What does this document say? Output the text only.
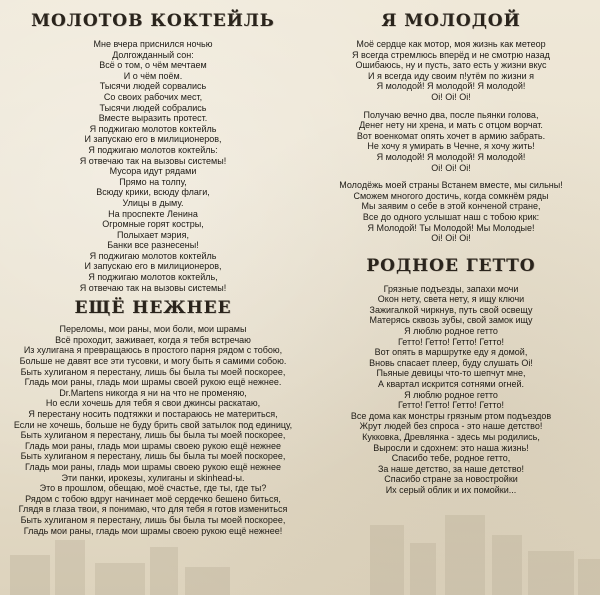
МОЛОТОВ КОКТЕЙЛЬ
Мне вчера приснился ночью
Долгожданный сон:
Всё о том, о чём мечтаем
И о чём поём.
Тысячи людей сорвались
Со своих рабочих мест,
Тысячи людей собрались
Вместе выразить протест.
Я поджигаю молотов коктейль
И запускаю его в милиционеров,
Я поджигаю молотов коктейль:
Я отвечаю так на вызовы системы!
Мусора идут рядами
Прямо на толпу,
Всюду крики, всюду флаги,
Улицы в дыму.
На проспекте Ленина
Огромные горят костры,
Полыхает мэрия,
Банки все разнесены!
Я поджигаю молотов коктейль
И запускаю его в милиционеров,
Я поджигаю молотов коктейль,
Я отвечаю так на вызовы системы!
ЕЩЁ НЕЖНЕЕ
Переломы, мои раны, мои боли, мои шрамы
Всё проходит, заживает, когда я тебя встречаю
Из хулигана я превращаюсь в простого парня рядом с тобою,
Больше не давят все эти тусовки, и могу быть я самими собою.
Быть хулиганом я перестану, лишь бы была ты моей поскорее,
Гладь мои раны, гладь мои шрамы своей рукою ещё нежнее.
Dr.Martens никогда я ни на что не променяю,
Но если хочешь для тебя я свои джинсы раскатаю,
Я перестану носить подтяжки и постараюсь не материться,
Если не хочешь, больше не буду брить свой затылок под единицу,
Быть хулиганом я перестану, лишь бы была ты моей поскорее,
Гладь мои раны, гладь мои шрамы своею рукою ещё нежнее
Быть хулиганом я перестану, лишь бы была ты моей поскорее,
Гладь мои раны, гладь мои шрамы своею рукою ещё нежнее
Эти панки, ирокезы, хулиганы и skinhead-ы.
Это в прошлом, обещаю, моё счастье, где ты, где ты?
Рядом с тобою вдруг начинает моё сердечко бешено биться,
Глядя в глаза твои, я понимаю, что для тебя я готов измениться
Быть хулиганом я перестану, лишь бы была ты моей поскорее,
Гладь мои раны, гладь мои шрамы своею рукою ещё нежнее!
Я МОЛОДОЙ
Моё сердце как мотор, моя жизнь как метеор
Я всегда стремлюсь вперёд и не смотрю назад
Ошибаюсь, ну и пусть, зато есть у жизни вкус
И я всегда иду своим п!утём по жизни я
Я молодой! Я молодой! Я молодой!
Oi! Oi! Oi!
Получаю вечно два, после пьянки голова,
Денег нету ни хрена, и мать с отцом ворчат.
Вот военкомат опять хочет в армию забрать.
Не хочу я умирать в Чечне, я хочу жить!
Я молодой! Я молодой! Я молодой!
Oi! Oi! Oi!
Молодёжь моей страны Встанем вместе, мы сильны!
Сможем многого достичь, когда сомкнём ряды
Мы заявим о себе в этой конченой стране,
Все до одного услышат наш с тобою крик:
Я Молодой! Ты Молодой! Мы Молодые!
Oi! Oi! Oi!
РОДНОЕ ГЕТТО
Грязные подъезды, запахи мочи
Окон нету, света нету, я ищу ключи
Зажигалкой чиркнув, путь свой освещу
Матерясь сквозь зубы, свой замок ищу
Я люблю родное гетто
Гетто! Гетто! Гетто! Гетто!
Вот опять в маршрутке еду я домой,
Вновь спасает плеер, буду слушать Oi!
Пьяные девицы что-то шепчут мне,
А квартал искрится сотнями огней.
Я люблю родное гетто
Гетто! Гетто! Гетто! Гетто!
Все дома как монстры грязным ртом подъездов
Жрут людей без спроса - это наше детство!
Кукковка, Древлянка - здесь мы родились,
Выросли и сдохнем: это наша жизнь!
Спасибо тебе, родное гетто,
За наше детство, за наше детство!
Спасибо стране за новостройки
Их серый облик и их помойки...
